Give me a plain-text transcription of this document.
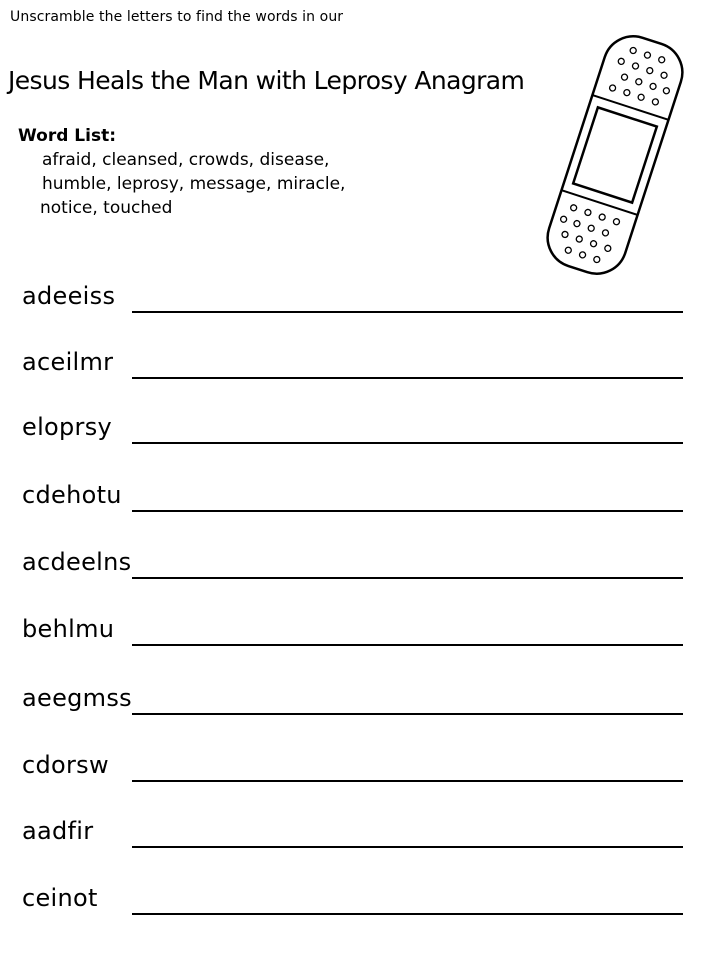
Unscramble the letters to find the words in our
Jesus Heals the Man with Leprosy Anagram
Word List:
afraid, cleansed, crowds, disease,
humble, leprosy, message, miracle,
notice, touched
adeeiss
aceilmr
eloprsy
cdehotu
acdeelns
behlmu
aeegmss
cdorsw
aadfir
ceinot
